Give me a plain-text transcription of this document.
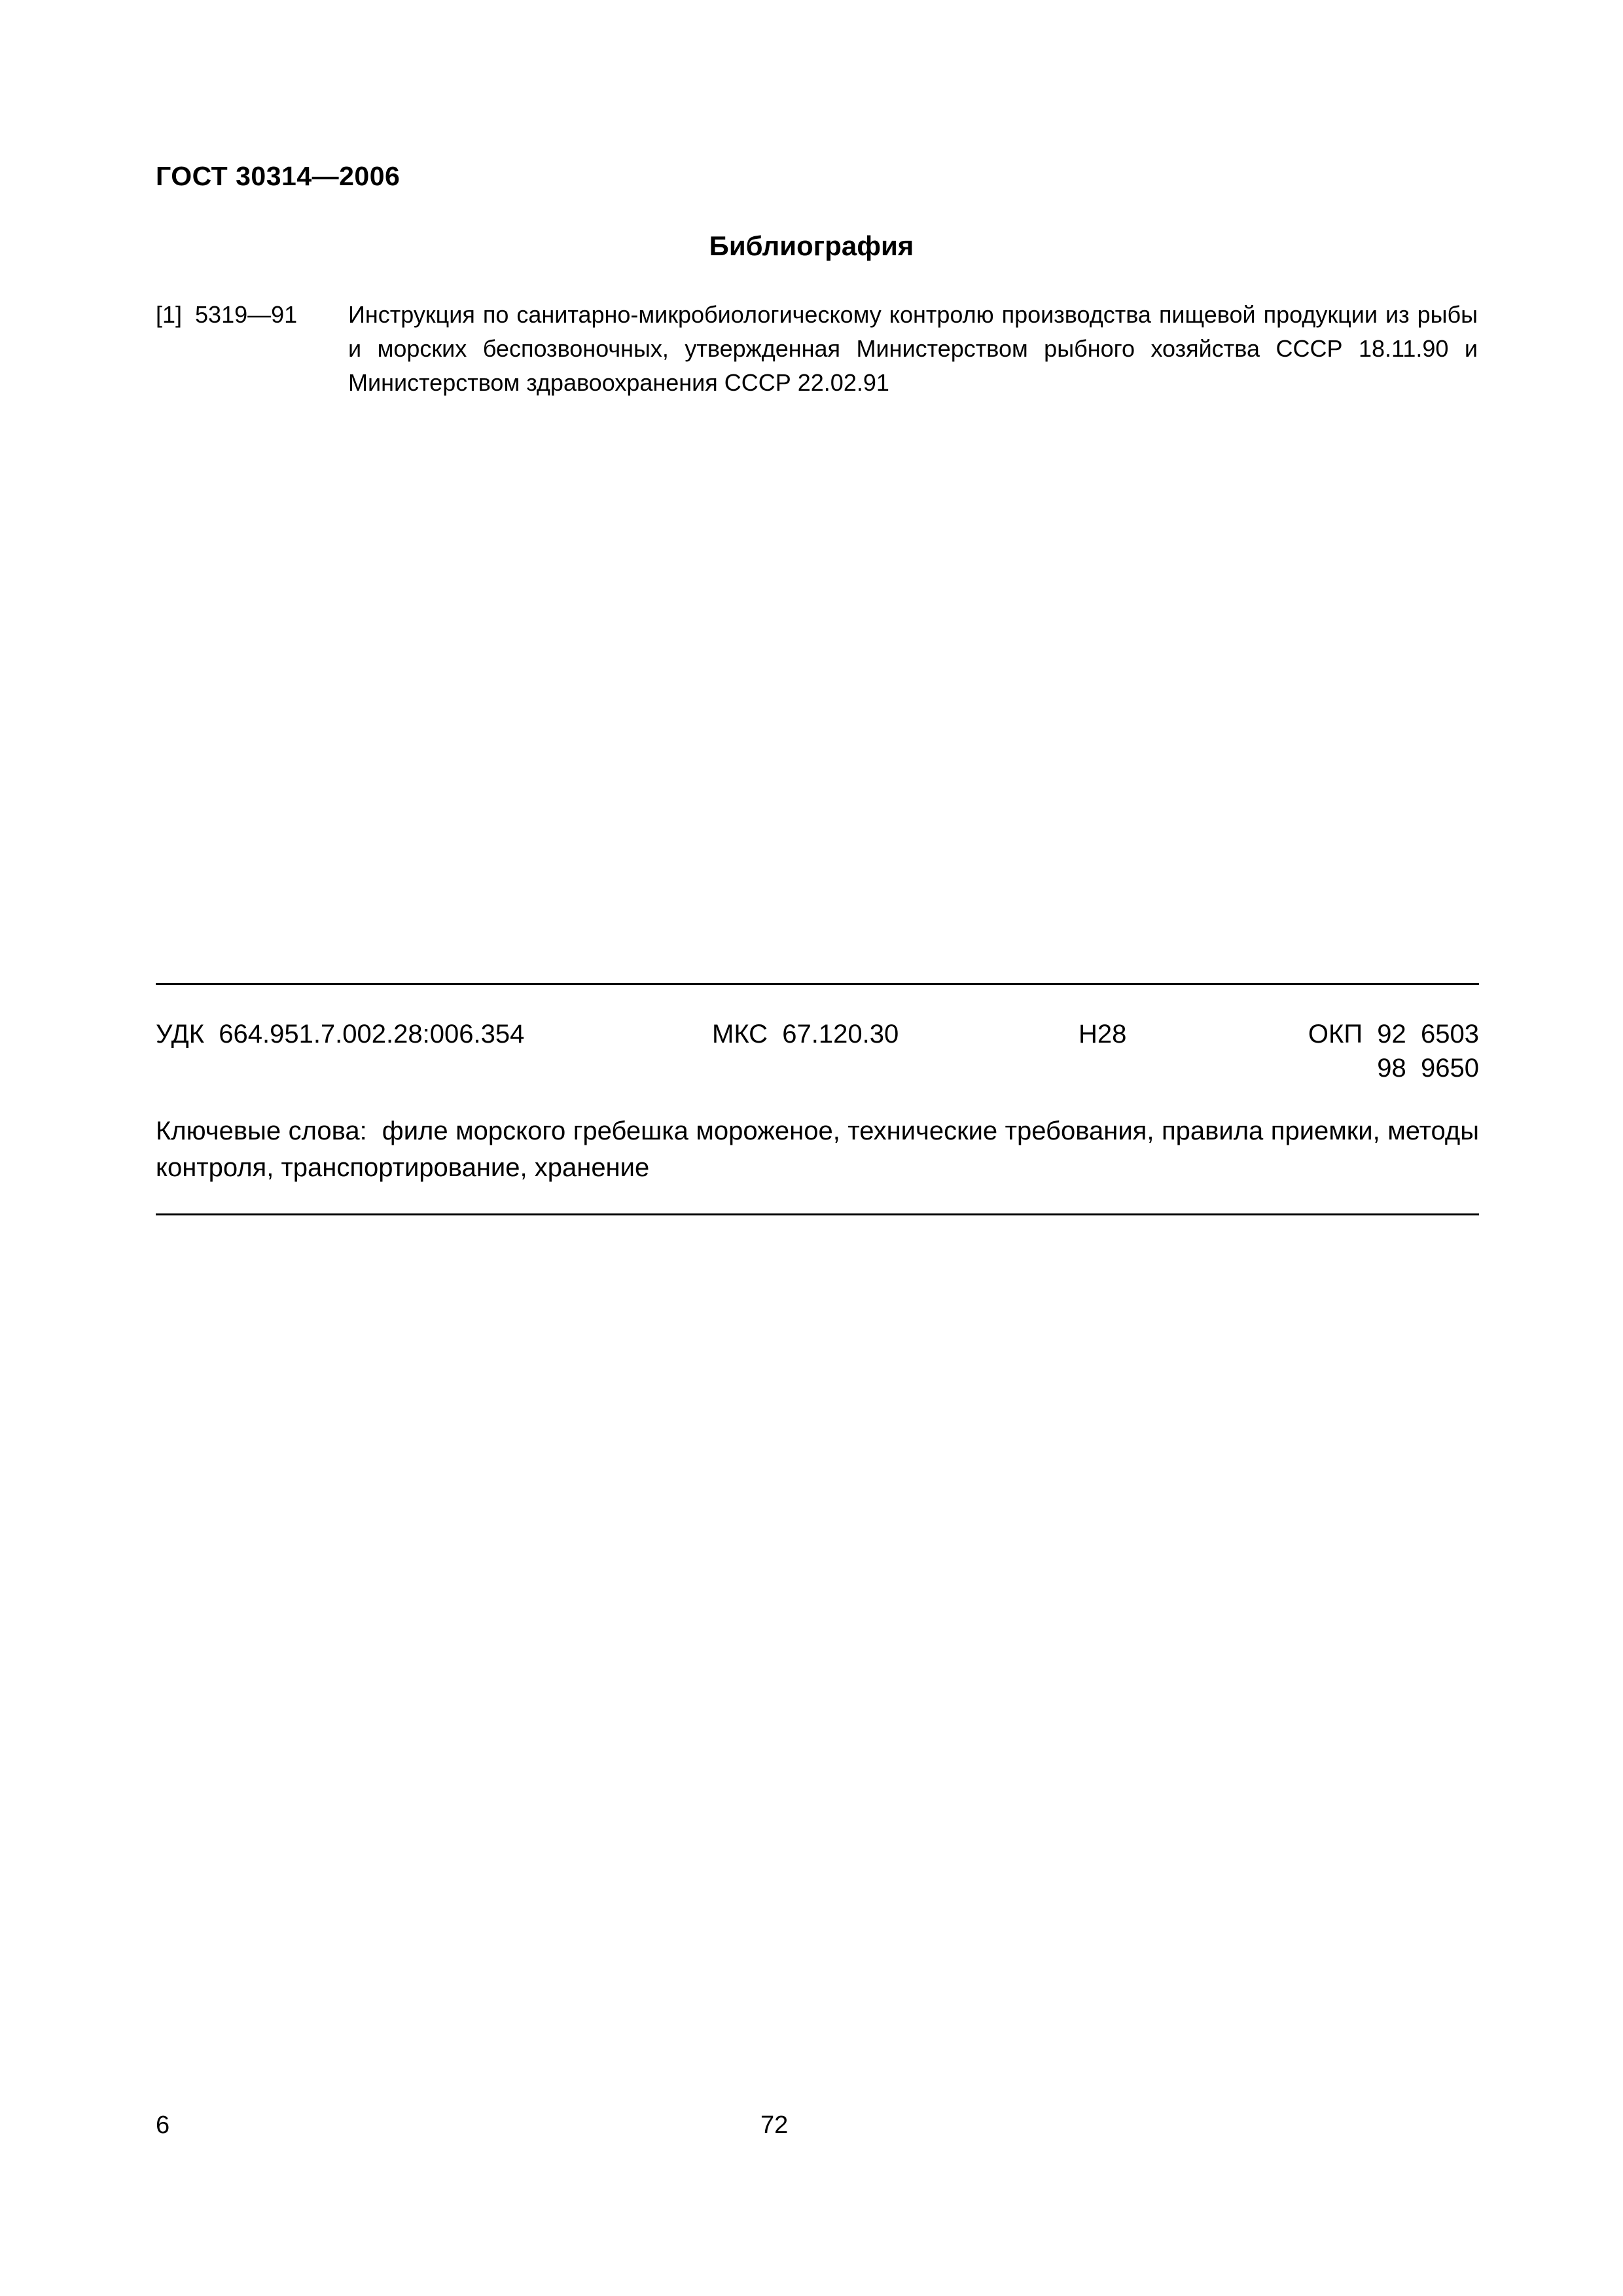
ГОСТ 30314—2006
Библиография
[1]  5319—91 Инструкция по санитарно-микробиологическому контролю производства пищевой продукции из рыбы и морских беспозвоночных, утвержденная Министерством рыбного хозяйства СССР 18.11.90 и Министерством здравоохранения СССР 22.02.91
УДК  664.951.7.002.28:006.354	МКС  67.120.30	Н28	ОКП  92  6503
98  9650
Ключевые слова:  филе морского гребешка мороженое, технические требования, правила приемки, методы контроля, транспортирование, хранение
6	72
